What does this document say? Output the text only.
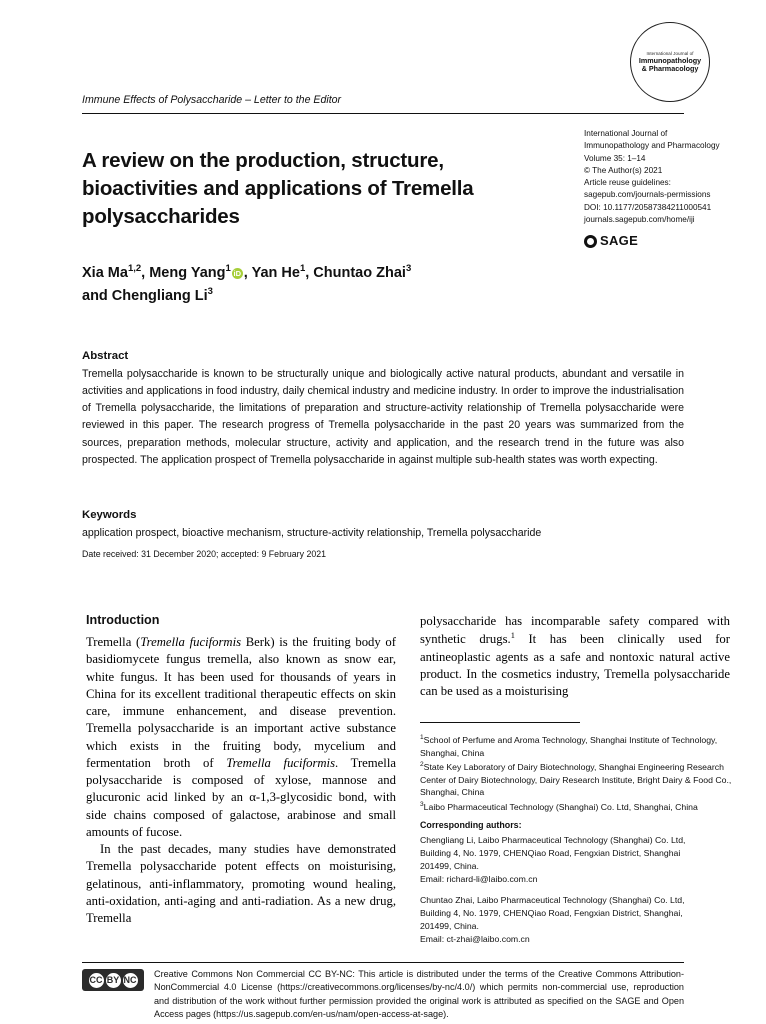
International Journal of
Immunopathology
& Pharmacology
Immune Effects of Polysaccharide – Letter to the Editor
A review on the production, structure, bioactivities and applications of Tremella polysaccharides
International Journal of
Immunopathology and Pharmacology
Volume 35: 1–14
© The Author(s) 2021
Article reuse guidelines:
sagepub.com/journals-permissions
DOI: 10.1177/20587384211000541
journals.sagepub.com/home/iji
SAGE
Xia Ma$^{1,2}$, Meng Yang$^1$ iD , Yan He$^1$, Chuntao Zhai$^3$
and Chengliang Li$^3$
Abstract
Tremella polysaccharide is known to be structurally unique and biologically active natural products, abundant and versatile in activities and applications in food industry, daily chemical industry and medicine industry. In order to improve the industrialisation of Tremella polysaccharide, the limitations of preparation and structure-activity relationship of Tremella polysaccharide were reviewed in this paper. The research progress of Tremella polysaccharide in the past 20 years was summarized from the sources, preparation methods, molecular structure, activity and application, and the research trend in the future was also prospected. The application prospect of Tremella polysaccharide in against multiple sub-health states was worth expecting.
Keywords
application prospect, bioactive mechanism, structure-activity relationship, Tremella polysaccharide
Date received: 31 December 2020; accepted: 9 February 2021
Introduction

Tremella (Tremella fuciformis Berk) is the fruiting body of basidiomycete fungus tremella, also known as snow ear, white fungus. It has been used for thousands of years in China for its excellent traditional therapeutic effects on skin care, immune enhancement, and disease prevention. Tremella polysaccharide is an important active substance which exists in the fruiting body, mycelium and fermentation broth of Tremella fuciformis. Tremella polysaccharide is composed of xylose, mannose and glucuronic acid linked by an α-1,3-glycosidic bond, with side chains composed of galactose, arabinose and small amounts of fucose.

In the past decades, many studies have demonstrated Tremella polysaccharide potent effects on moisturising, gelatinous, anti-inflammatory, promoting wound healing, anti-oxidation, anti-aging and anti-radiation. As a new drug, Tremella

polysaccharide has incomparable safety compared with synthetic drugs.$^1$ It has been clinically used for antineoplastic agents as a safe and nontoxic natural active product. In the cosmetics industry, Tremella polysaccharide can be used as a moisturising

$^1$School of Perfume and Aroma Technology, Shanghai Institute of Technology, Shanghai, China

$^2$State Key Laboratory of Dairy Biotechnology, Shanghai Engineering Research Center of Dairy Biotechnology, Dairy Research Institute, Bright Dairy & Food Co., Shanghai, China

$^3$Laibo Pharmaceutical Technology (Shanghai) Co. Ltd, Shanghai, China

Corresponding authors:

Chengliang Li, Laibo Pharmaceutical Technology (Shanghai) Co. Ltd,

Building 4, No. 1979, CHENQiao Road, Fengxian District, Shanghai

201499, China.

Email: richard-li@laibo.com.cn

Chuntao Zhai, Laibo Pharmaceutical Technology (Shanghai) Co. Ltd,

Building 4, No. 1979, CHENQiao Road, Fengxian District, Shanghai,

201499, China.

Email: ct-zhai@laibo.com.cn

CC BY NC
Creative Commons Non Commercial CC BY-NC: This article is distributed under the terms of the Creative Commons Attribution-NonCommercial 4.0 License (https://creativecommons.org/licenses/by-nc/4.0/) which permits non-commercial use, reproduction and distribution of the work without further permission provided the original work is attributed as specified on the SAGE and Open Access pages (https://us.sagepub.com/en-us/nam/open-access-at-sage).
